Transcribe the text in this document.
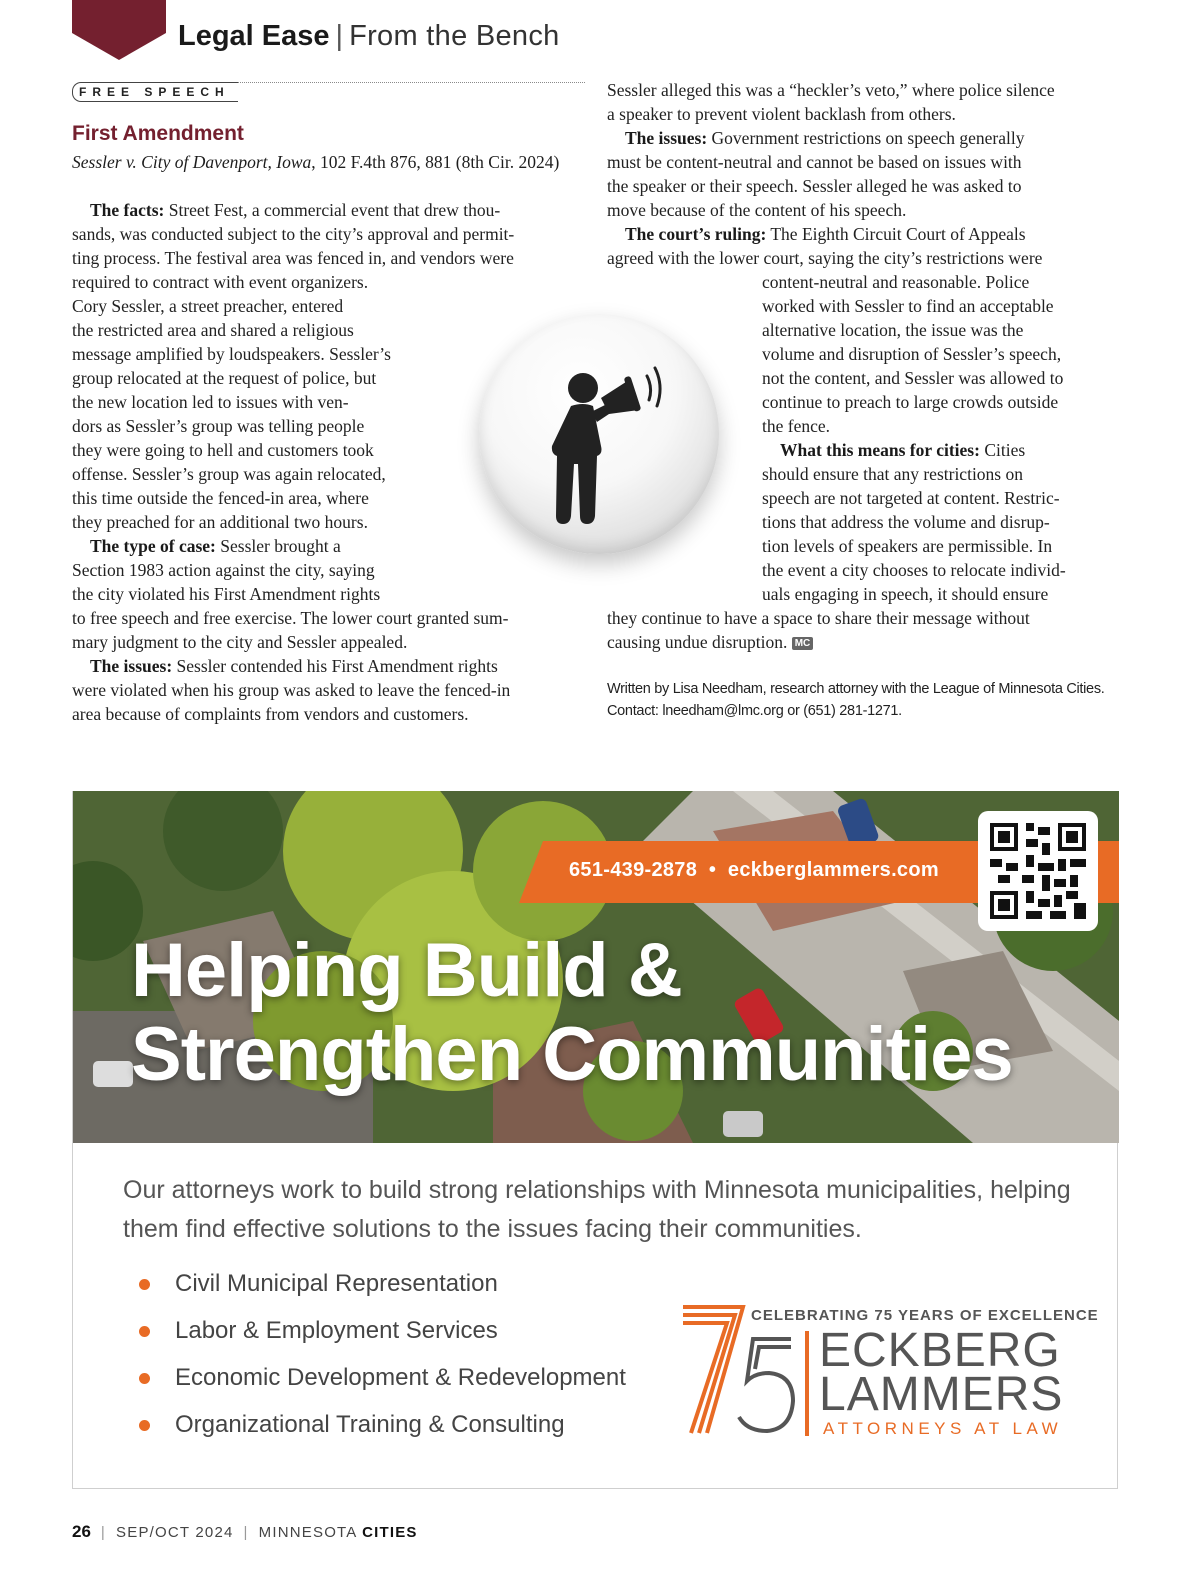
Legal Ease | From the Bench
FREE SPEECH
First Amendment
Sessler v. City of Davenport, Iowa, 102 F.4th 876, 881 (8th Cir. 2024)
The facts: Street Fest, a commercial event that drew thou-
sands, was conducted subject to the city’s approval and permit-
ting process. The festival area was fenced in, and vendors were
required to contract with event organizers.
Cory Sessler, a street preacher, entered
the restricted area and shared a religious
message amplified by loudspeakers. Sessler’s
group relocated at the request of police, but
the new location led to issues with ven-
dors as Sessler’s group was telling people
they were going to hell and customers took
offense. Sessler’s group was again relocated,
this time outside the fenced-in area, where
they preached for an additional two hours.
The type of case: Sessler brought a
Section 1983 action against the city, saying
the city violated his First Amendment rights
to free speech and free exercise. The lower court granted sum-
mary judgment to the city and Sessler appealed.
The issues: Sessler contended his First Amendment rights
were violated when his group was asked to leave the fenced-in
area because of complaints from vendors and customers.
Sessler alleged this was a “heckler’s veto,” where police silence
a speaker to prevent violent backlash from others.
The issues: Government restrictions on speech generally
must be content-neutral and cannot be based on issues with
the speaker or their speech. Sessler alleged he was asked to
move because of the content of his speech.
The court’s ruling: The Eighth Circuit Court of Appeals
agreed with the lower court, saying the city’s restrictions were
content-neutral and reasonable. Police
worked with Sessler to find an acceptable
alternative location, the issue was the
volume and disruption of Sessler’s speech,
not the content, and Sessler was allowed to
continue to preach to large crowds outside
the fence.
What this means for cities: Cities
should ensure that any restrictions on
speech are not targeted at content. Restric-
tions that address the volume and disrup-
tion levels of speakers are permissible. In
the event a city chooses to relocate individ-
uals engaging in speech, it should ensure
they continue to have a space to share their message without
causing undue disruption. MC
Written by Lisa Needham, research attorney with the League of Minnesota Cities. Contact: lneedham@lmc.org or (651) 281-1271.
651-439-2878  •  eckberglammers.com
Helping Build &
Strengthen Communities
Our attorneys work to build strong relationships with Minnesota municipalities, helping them find effective solutions to the issues facing their communities.
Civil Municipal Representation
Labor & Employment Services
Economic Development & Redevelopment
Organizational Training & Consulting
CELEBRATING 75 YEARS OF EXCELLENCE
ECKBERG
LAMMERS
ATTORNEYS AT LAW
26 | SEP/OCT 2024 | MINNESOTA CITIES
